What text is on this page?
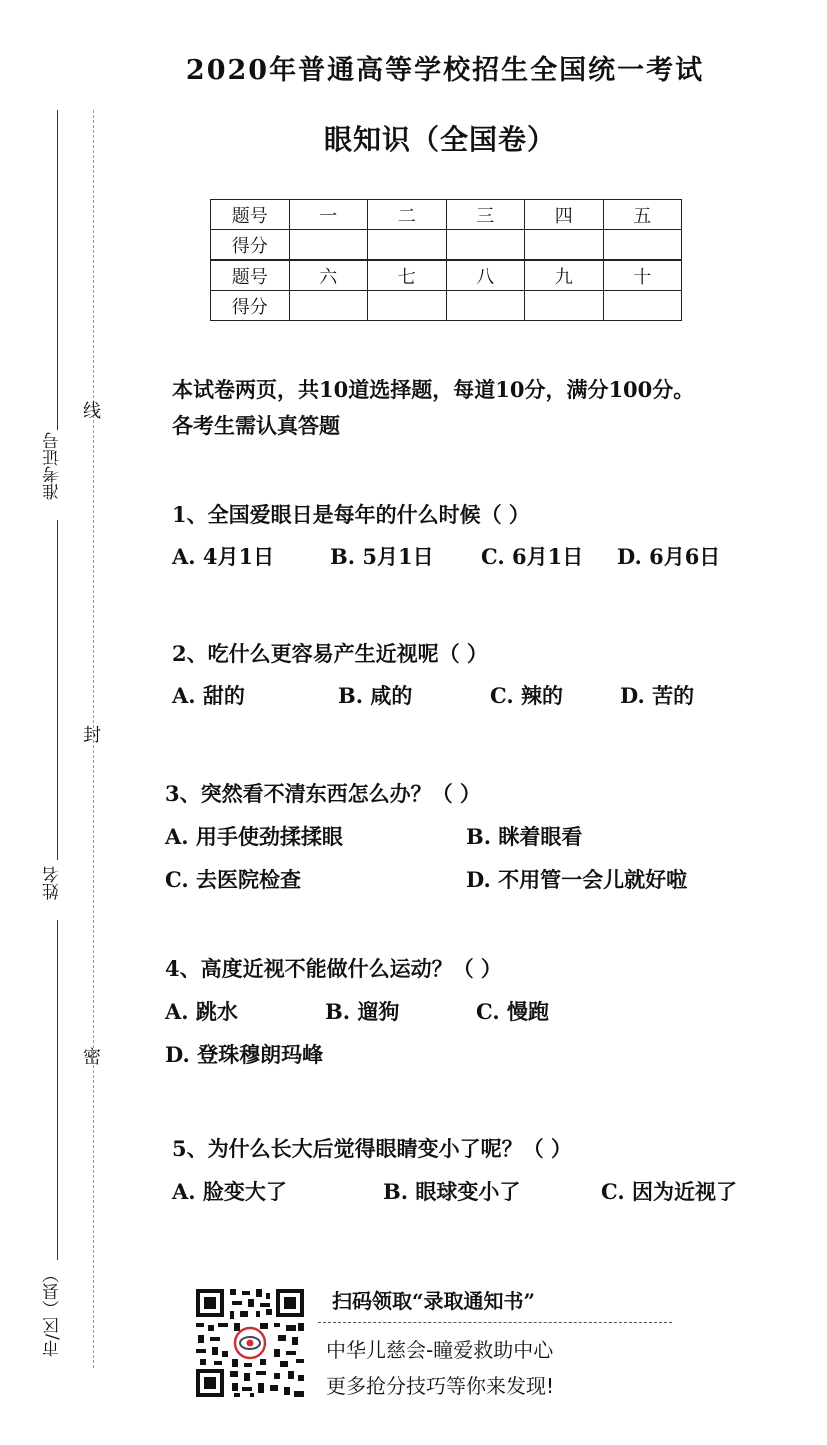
准考证号
姓名
市/区（县）
线
封
密
2020年普通高等学校招生全国统一考试
眼知识（全国卷）
题号	一	二	三	四	五
得分					
题号	六	七	八	九	十
得分					
本试卷两页，共10道选择题，每道10分，满分100分。
各考生需认真答题
1、全国爱眼日是每年的什么时候（ ）
A. 4月1日	B. 5月1日 C. 6月1日 D. 6月6日
2、吃什么更容易产生近视呢（ ）
A. 甜的	B. 咸的	C. 辣的	D. 苦的
3、突然看不清东西怎么办？（ ）
A. 用手使劲揉揉眼	B. 眯着眼看
C. 去医院检查	D. 不用管一会儿就好啦
4、高度近视不能做什么运动？（ ）
A. 跳水	B. 遛狗	C. 慢跑
D. 登珠穆朗玛峰
5、为什么长大后觉得眼睛变小了呢？（ ）
A. 脸变大了	B. 眼球变小了	C. 因为近视了
扫码领取“录取通知书”
中华儿慈会-瞳爱救助中心
更多抢分技巧等你来发现!
